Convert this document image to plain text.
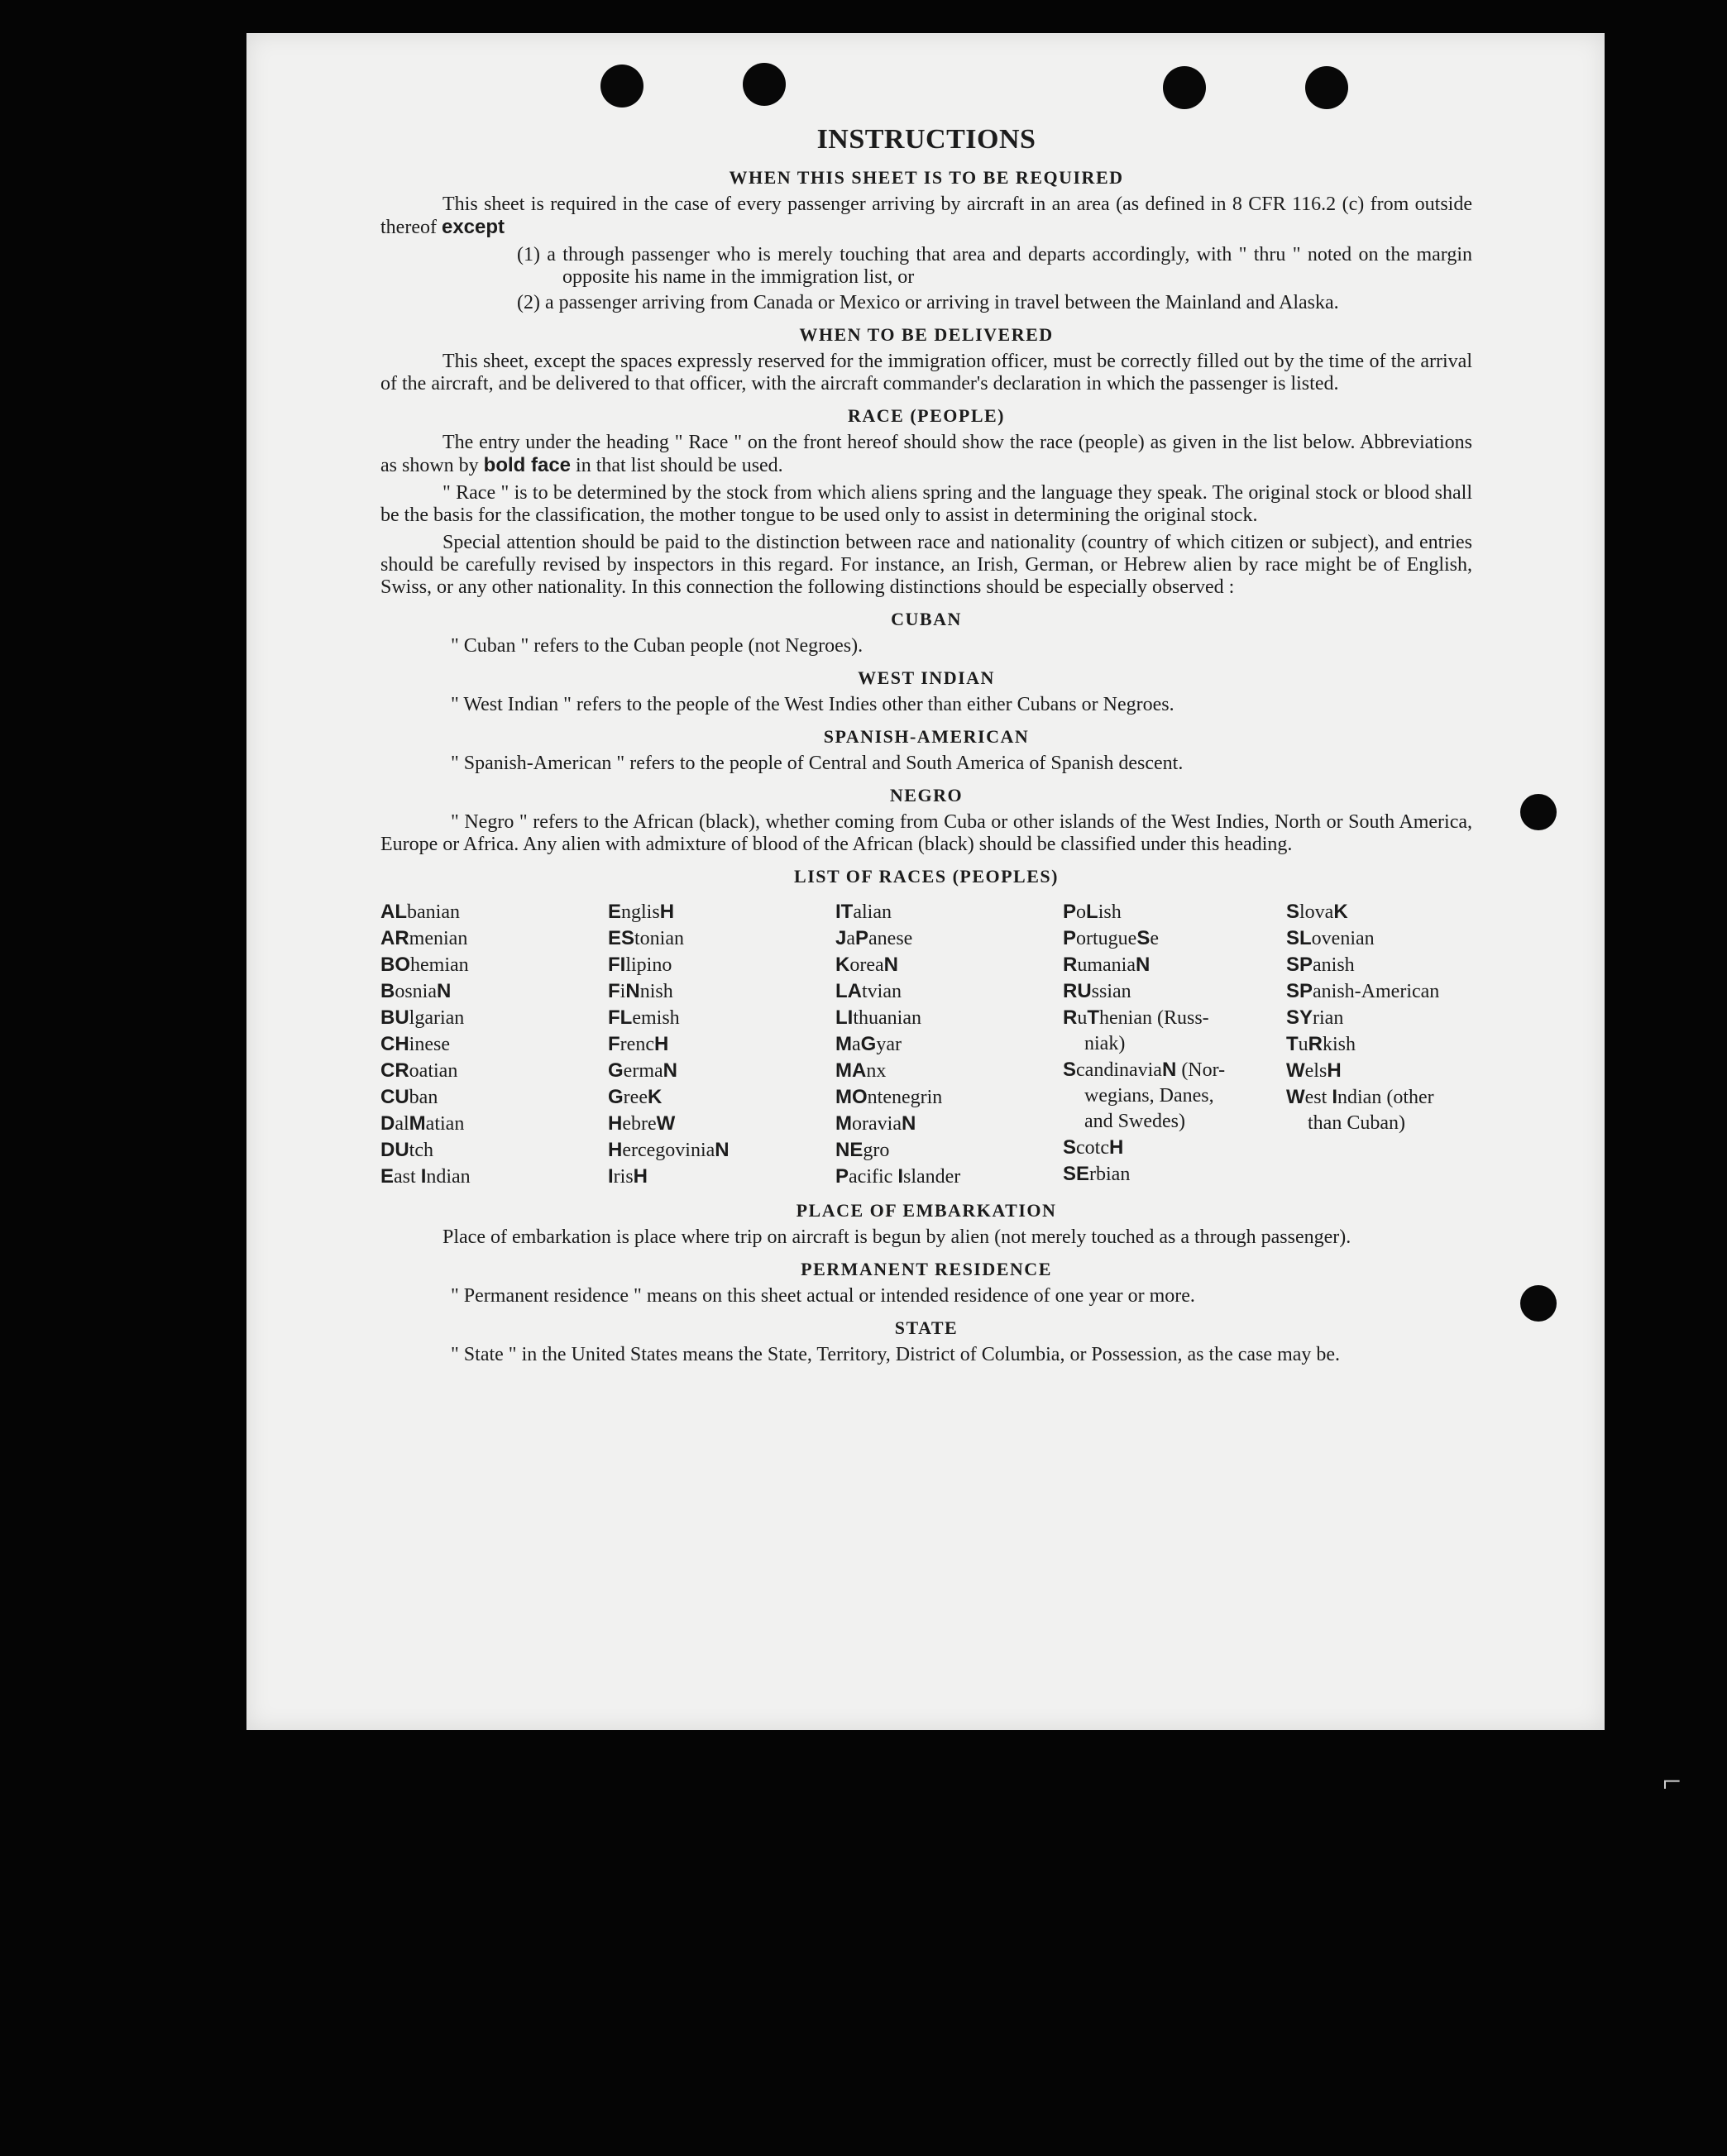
INSTRUCTIONS
WHEN THIS SHEET IS TO BE REQUIRED

This sheet is required in the case of every passenger arriving by aircraft in an area (as defined in 8 CFR 116.2 (c) from outside thereof except

(1) a through passenger who is merely touching that area and departs accordingly, with " thru " noted on the margin opposite his name in the immigration list, or

(2) a passenger arriving from Canada or Mexico or arriving in travel between the Mainland and Alaska.

WHEN TO BE DELIVERED

This sheet, except the spaces expressly reserved for the immigration officer, must be correctly filled out by the time of the arrival of the aircraft, and be delivered to that officer, with the aircraft commander's declaration in which the passenger is listed.

RACE (PEOPLE)

The entry under the heading " Race " on the front hereof should show the race (people) as given in the list below. Abbreviations as shown by bold face in that list should be used.

" Race " is to be determined by the stock from which aliens spring and the language they speak. The original stock or blood shall be the basis for the classification, the mother tongue to be used only to assist in determining the original stock.

Special attention should be paid to the distinction between race and nationality (country of which citizen or subject), and entries should be carefully revised by inspectors in this regard. For instance, an Irish, German, or Hebrew alien by race might be of English, Swiss, or any other nationality. In this connection the following distinctions should be especially observed :

CUBAN

" Cuban " refers to the Cuban people (not Negroes).

WEST INDIAN

" West Indian " refers to the people of the West Indies other than either Cubans or Negroes.

SPANISH-AMERICAN

" Spanish-American " refers to the people of Central and South America of Spanish descent.

NEGRO

" Negro " refers to the African (black), whether coming from Cuba or other islands of the West Indies, North or South America, Europe or Africa. Any alien with admixture of blood of the African (black) should be classified under this heading.

LIST OF RACES (PEOPLES)
ALbanian
ARmenian
BOhemian
BosniaN
BUlgarian
CHinese
CRoatian
CUban
DalMatian
DUtch
East Indian
EnglisH
EStonian
FIlipino
FiNnish
FLemish
FrencH
GermaN
GreeK
HebreW
HercegoviniaN
IrisH
ITalian
JaPanese
KoreaN
LAtvian
LIthuanian
MaGyar
MAnx
MOntenegrin
MoraviaN
NEgro
Pacific Islander
PoLish
PortugueSe
RumaniaN
RUssian
RuThenian (Russ-
niak)
ScandinaviaN (Nor-
wegians, Danes,
and Swedes)
ScotcH
SErbian
SlovaK
SLovenian
SPanish
SPanish-American
SYrian
TuRkish
WelsH
West Indian (other
than Cuban)
PLACE OF EMBARKATION

Place of embarkation is place where trip on aircraft is begun by alien (not merely touched as a through passenger).

PERMANENT RESIDENCE

" Permanent residence " means on this sheet actual or intended residence of one year or more.

STATE

" State " in the United States means the State, Territory, District of Columbia, or Possession, as the case may be.

⌐
